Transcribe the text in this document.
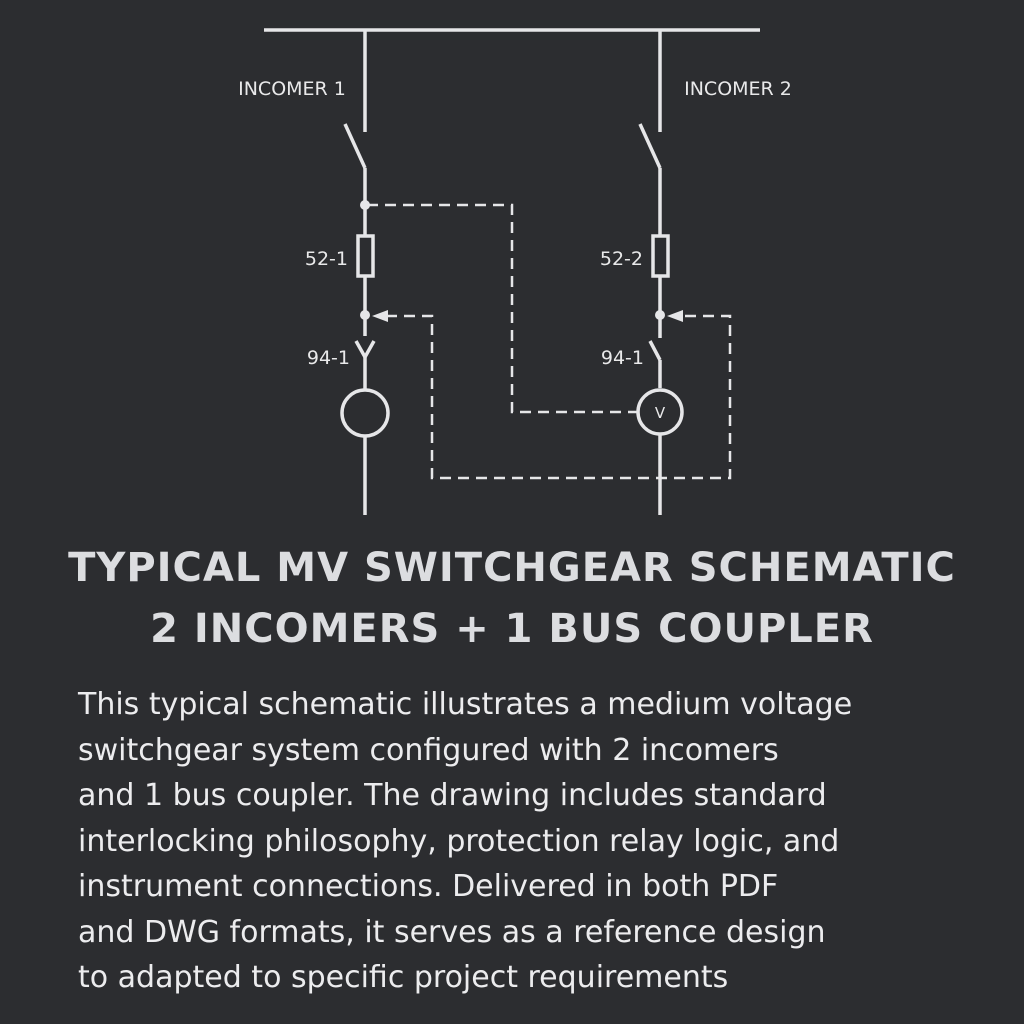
INCOMER 1	INCOMER 2
52-1	52-2
94-1	94-1
V
TYPICAL MV SWITCHGEAR SCHEMATIC
2 INCOMERS + 1 BUS COUPLER
This typical schematic illustrates a medium voltage
switchgear system configured with 2 incomers
and 1 bus coupler. The drawing includes standard
interlocking philosophy, protection relay logic, and
instrument connections. Delivered in both PDF
and DWG formats, it serves as a reference design
to adapted to specific project requirements
